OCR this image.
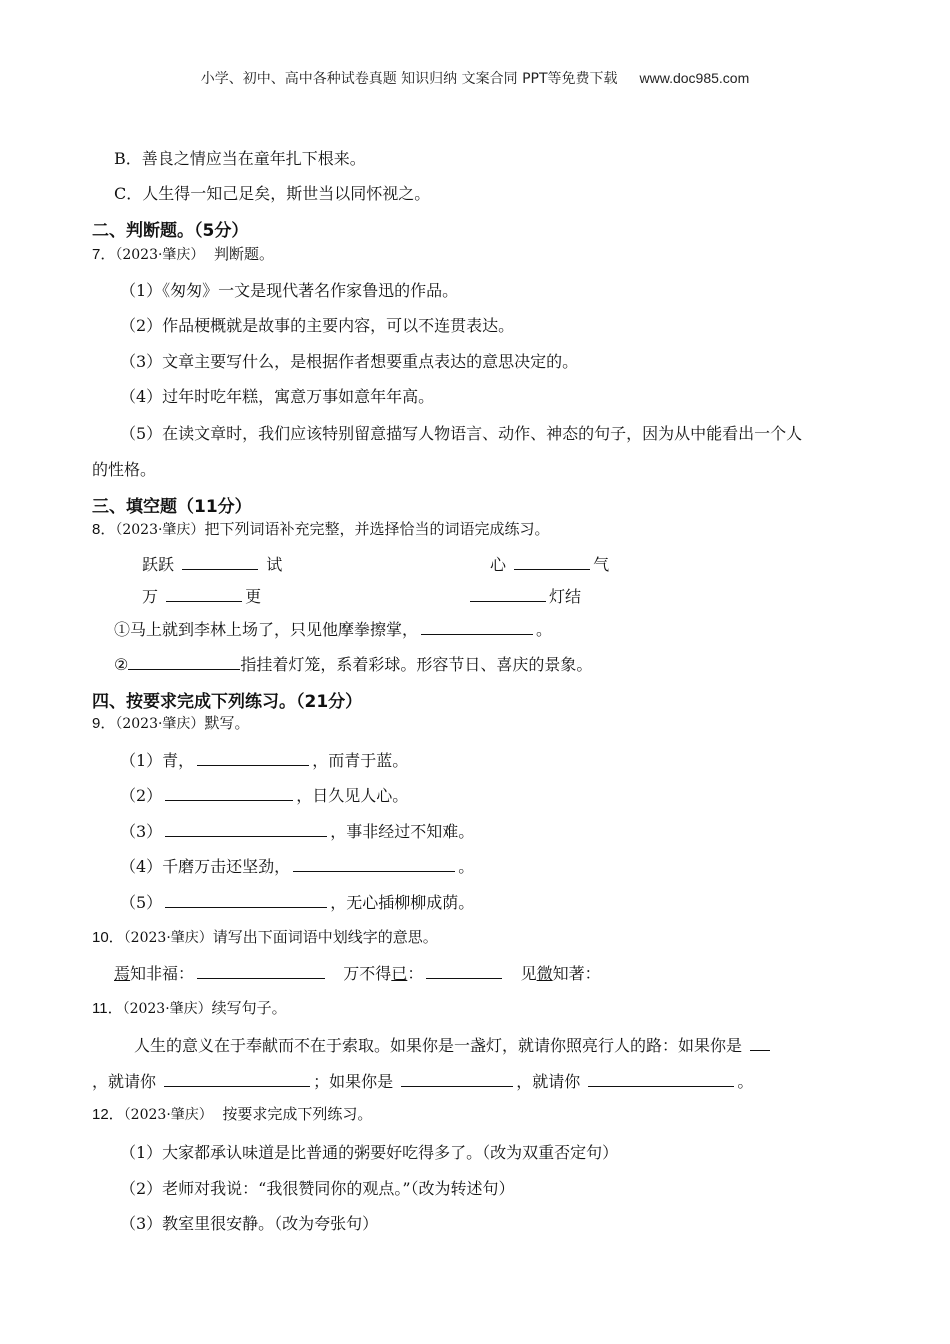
小学、初中、高中各种试卷真题 知识归纳 文案合同 PPT等免费下载 www.doc985.com
B．善良之情应当在童年扎下根来。
C．人生得一知己足矣，斯世当以同怀视之。
二、判断题。（5分）
7．（2023·肇庆） 判断题。
（1）《匆匆》一文是现代著名作家鲁迅的作品。
（2）作品梗概就是故事的主要内容，可以不连贯表达。
（3）文章主要写什么，是根据作者想要重点表达的意思决定的。
（4）过年时吃年糕，寓意万事如意年年高。
（5）在读文章时，我们应该特别留意描写人物语言、动作、神态的句子，因为从中能看出一个人
的性格。
三、填空题（11分）
8．（2023·肇庆）把下列词语补充完整，并选择恰当的词语完成练习。
跃跃	试	心	气
万	更	灯结
①马上就到李林上场了，只见他摩拳擦掌，	。
②	指挂着灯笼，系着彩球。形容节日、喜庆的景象。
四、按要求完成下列练习。（21分）
9．（2023·肇庆）默写。
（1）青，	，而青于蓝。
（2）	，日久见人心。
（3）	，事非经过不知难。
（4）千磨万击还坚劲，	。
（5）	，无心插柳柳成荫。
10．（2023·肇庆）请写出下面词语中划线字的意思。
焉知非福：	万不得已：	见微知著：
11．（2023·肇庆）续写句子。
人生的意义在于奉献而不在于索取。如果你是一盏灯，就请你照亮行人的路：如果你是
，就请你	；如果你是	，就请你	。
12．（2023·肇庆） 按要求完成下列练习。
（1）大家都承认味道是比普通的粥要好吃得多了。（改为双重否定句）
（2）老师对我说：“我很赞同你的观点。”（改为转述句）
（3）教室里很安静。（改为夸张句）
